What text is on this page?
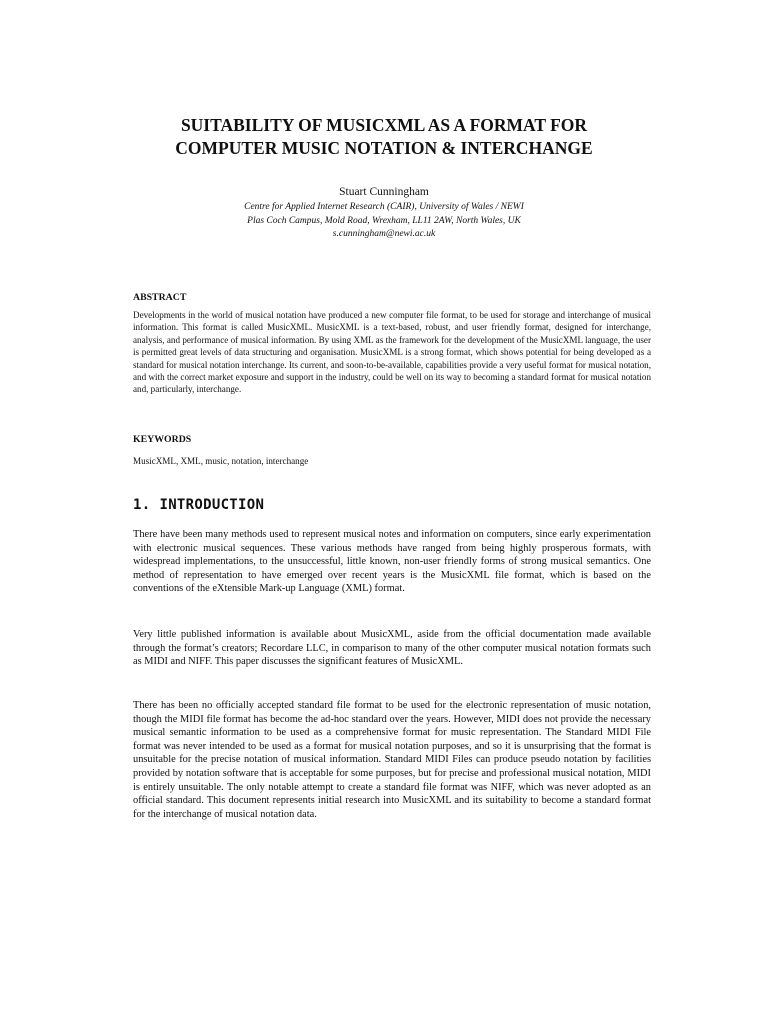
SUITABILITY OF MUSICXML AS A FORMAT FOR
COMPUTER MUSIC NOTATION & INTERCHANGE
Stuart Cunningham
Centre for Applied Internet Research (CAIR), University of Wales / NEWI
Plas Coch Campus, Mold Road, Wrexham, LL11 2AW, North Wales, UK
s.cunningham@newi.ac.uk
ABSTRACT

Developments in the world of musical notation have produced a new computer file format, to be used for storage and interchange of musical information. This format is called MusicXML. MusicXML is a text-based, robust, and user friendly format, designed for interchange, analysis, and performance of musical information. By using XML as the framework for the development of the MusicXML language, the user is permitted great levels of data structuring and organisation. MusicXML is a strong format, which shows potential for being developed as a standard for musical notation interchange. Its current, and soon-to-be-available, capabilities provide a very useful format for musical notation, and with the correct market exposure and support in the industry, could be well on its way to becoming a standard format for musical notation and, particularly, interchange.

KEYWORDS

MusicXML, XML, music, notation, interchange

1. INTRODUCTION

There have been many methods used to represent musical notes and information on computers, since early experimentation with electronic musical sequences. These various methods have ranged from being highly prosperous formats, with widespread implementations, to the unsuccessful, little known, non-user friendly forms of strong musical semantics. One method of representation to have emerged over recent years is the MusicXML file format, which is based on the conventions of the eXtensible Mark-up Language (XML) format.

Very little published information is available about MusicXML, aside from the official documentation made available through the format’s creators; Recordare LLC, in comparison to many of the other computer musical notation formats such as MIDI and NIFF. This paper discusses the significant features of MusicXML.

There has been no officially accepted standard file format to be used for the electronic representation of music notation, though the MIDI file format has become the ad-hoc standard over the years. However, MIDI does not provide the necessary musical semantic information to be used as a comprehensive format for music representation. The Standard MIDI File format was never intended to be used as a format for musical notation purposes, and so it is unsurprising that the format is unsuitable for the precise notation of musical information. Standard MIDI Files can produce pseudo notation by facilities provided by notation software that is acceptable for some purposes, but for precise and professional musical notation, MIDI is entirely unsuitable. The only notable attempt to create a standard file format was NIFF, which was never adopted as an official standard. This document represents initial research into MusicXML and its suitability to become a standard format for the interchange of musical notation data.
